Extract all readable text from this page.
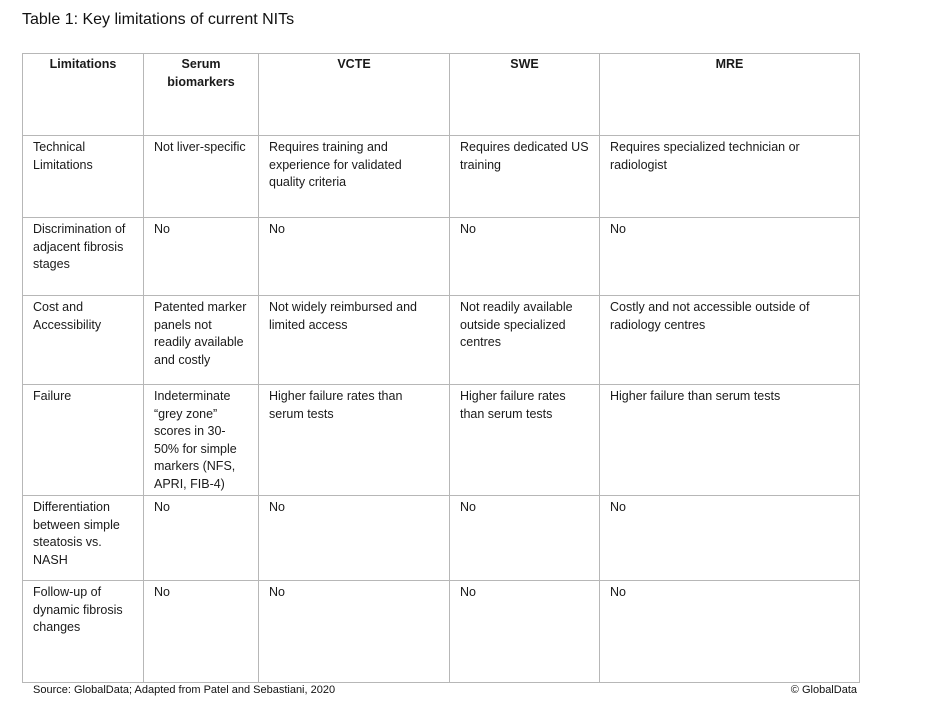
Table 1: Key limitations of current NITs
Limitations	Serum biomarkers	VCTE	SWE	MRE
Technical Limitations	Not liver-specific	Requires training and experience for validated quality criteria	Requires dedicated US training	Requires specialized technician or radiologist
Discrimination of adjacent fibrosis stages	No	No	No	No
Cost and Accessibility	Patented marker panels not readily available and costly	Not widely reimbursed and limited access	Not readily available outside specialized centres	Costly and not accessible outside of radiology centres
Failure	Indeterminate “grey zone” scores in 30-50% for simple markers (NFS, APRI, FIB-4)	Higher failure rates than serum tests	Higher failure rates than serum tests	Higher failure than serum tests
Differentiation between simple steatosis vs. NASH	No	No	No	No
Follow-up of dynamic fibrosis changes	No	No	No	No
Source: GlobalData; Adapted from Patel and Sebastiani, 2020	© GlobalData
